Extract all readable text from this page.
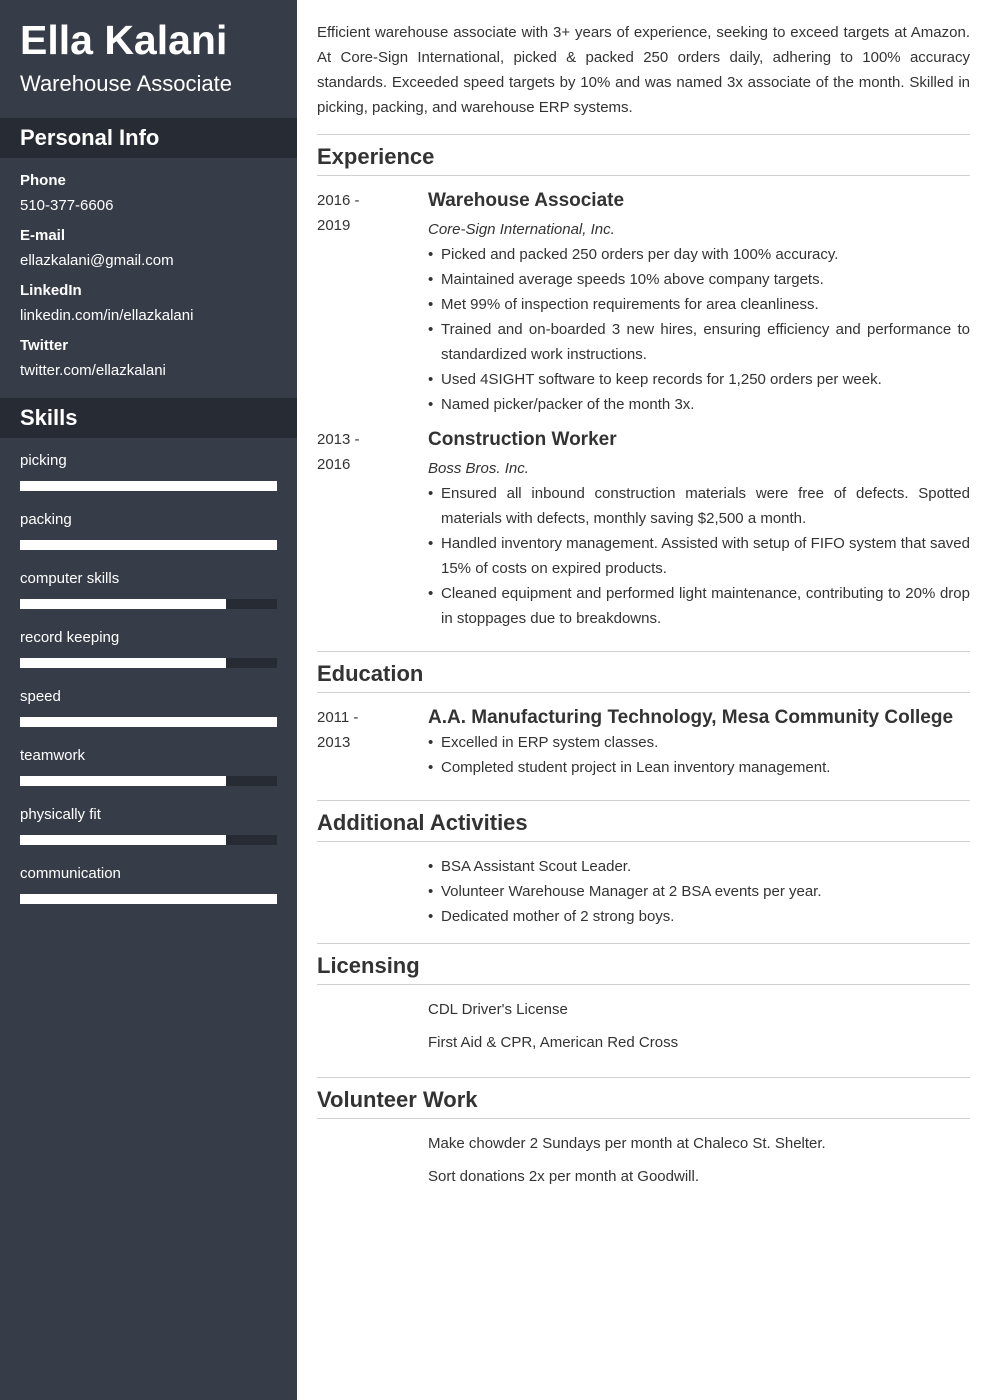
Ella Kalani
Warehouse Associate
Personal Info
Phone
510-377-6606
E-mail
ellazkalani@gmail.com
LinkedIn
linkedin.com/in/ellazkalani
Twitter
twitter.com/ellazkalani
Skills
picking
packing
computer skills
record keeping
speed
teamwork
physically fit
communication

Efficient warehouse associate with 3+ years of experience, seeking to exceed targets at Amazon. At Core-Sign International, picked & packed 250 orders daily, adhering to 100% accuracy standards. Exceeded speed targets by 10% and was named 3x associate of the month. Skilled in picking, packing, and warehouse ERP systems.

Experience
2016 -
2019
Warehouse Associate
Core-Sign International, Inc.
• Picked and packed 250 orders per day with 100% accuracy.
• Maintained average speeds 10% above company targets.
• Met 99% of inspection requirements for area cleanliness.
• Trained and on-boarded 3 new hires, ensuring efficiency and performance to standardized work instructions.
• Used 4SIGHT software to keep records for 1,250 orders per week.
• Named picker/packer of the month 3x.
2013 -
2016
Construction Worker
Boss Bros. Inc.
• Ensured all inbound construction materials were free of defects. Spotted materials with defects, monthly saving $2,500 a month.
• Handled inventory management. Assisted with setup of FIFO system that saved 15% of costs on expired products.
• Cleaned equipment and performed light maintenance, contributing to 20% drop in stoppages due to breakdowns.
Education
2011 -
2013
A.A. Manufacturing Technology, Mesa Community College
• Excelled in ERP system classes.
• Completed student project in Lean inventory management.
Additional Activities
• BSA Assistant Scout Leader.
• Volunteer Warehouse Manager at 2 BSA events per year.
• Dedicated mother of 2 strong boys.
Licensing
CDL Driver's License
First Aid & CPR, American Red Cross
Volunteer Work
Make chowder 2 Sundays per month at Chaleco St. Shelter.
Sort donations 2x per month at Goodwill.
